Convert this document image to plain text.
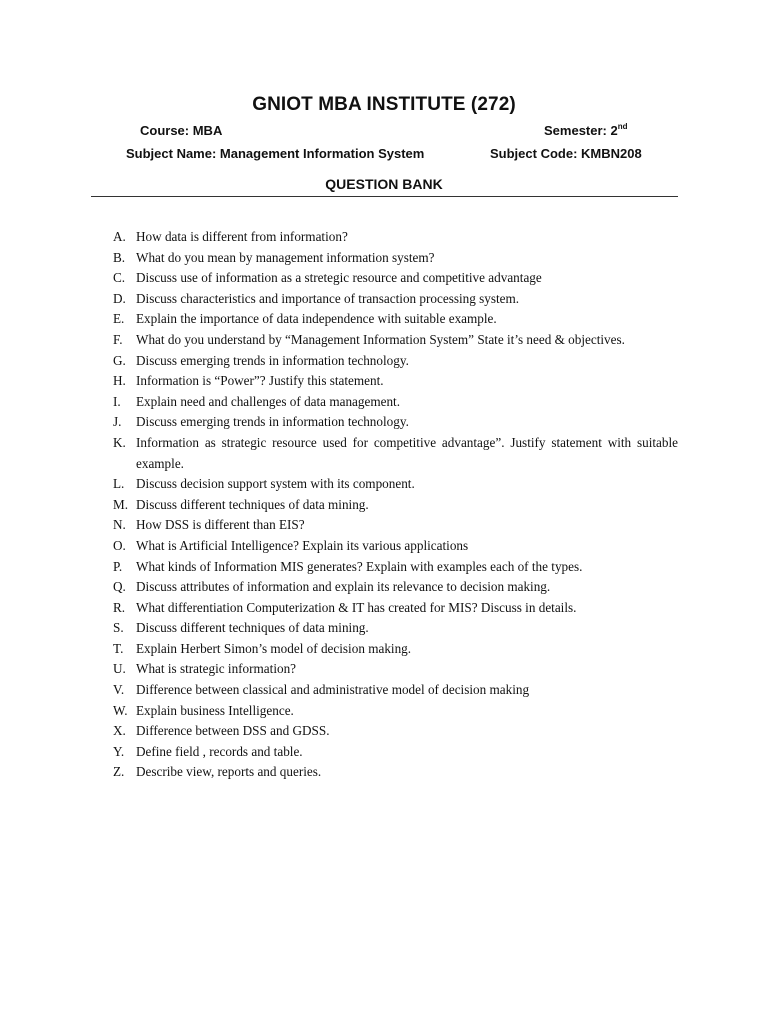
GNIOT MBA INSTITUTE (272)
Course: MBA	Semester: 2nd
Subject Name: Management Information System	Subject Code: KMBN208
QUESTION BANK
A. How data is different from information?
B. What do you mean by management information system?
C. Discuss use of information as a stretegic resource and competitive advantage
D. Discuss characteristics and importance of transaction processing system.
E. Explain the importance of data independence with suitable example.
F. What do you understand by “Management Information System” State it’s need & objectives.
G. Discuss emerging trends in information technology.
H. Information is “Power”? Justify this statement.
I. Explain need and challenges of data management.
J. Discuss emerging trends in information technology.
K. Information as strategic resource used for competitive advantage”. Justify statement with suitable example.
L. Discuss decision support system with its component.
M. Discuss different techniques of data mining.
N. How DSS is different than EIS?
O. What is Artificial Intelligence? Explain its various applications
P. What kinds of Information MIS generates? Explain with examples each of the types.
Q. Discuss attributes of information and explain its relevance to decision making.
R. What differentiation Computerization & IT has created for MIS? Discuss in details.
S. Discuss different techniques of data mining.
T. Explain Herbert Simon’s model of decision making.
U. What is strategic information?
V. Difference between classical and administrative model of decision making
W. Explain business Intelligence.
X. Difference between DSS and GDSS.
Y. Define field , records and table.
Z. Describe view, reports and queries.
